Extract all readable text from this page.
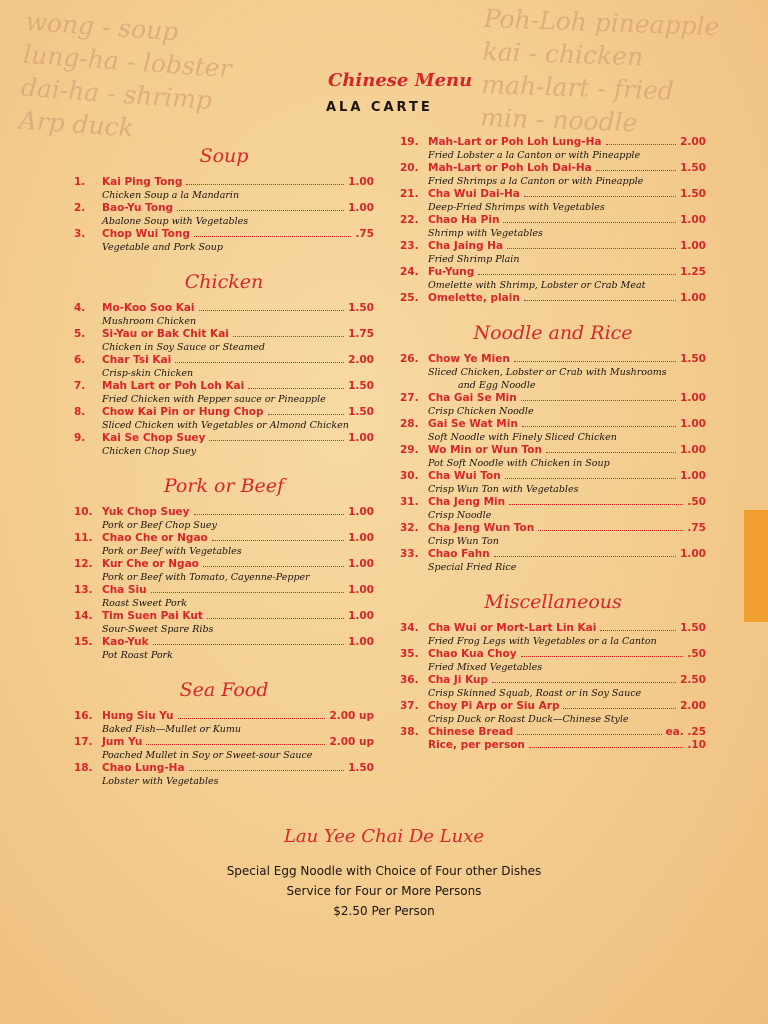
wong - soup
lung-ha - lobster
dai-ha - shrimp
Arp duck
Poh-Loh pineapple
kai - chicken
mah-lart - fried
min - noodle
Chinese Menu
ALA CARTE
Soup
1.	Kai Ping Tong	1.00
Chicken Soup a la Mandarin
2.	Bao-Yu Tong	1.00
Abalone Soup with Vegetables
3.	Chop Wui Tong	.75
Vegetable and Pork Soup
Chicken
4.	Mo-Koo Soo Kai	1.50
Mushroom Chicken
5.	Si-Yau or Bak Chit Kai	1.75
Chicken in Soy Sauce or Steamed
6.	Char Tsi Kai	2.00
Crisp-skin Chicken
7.	Mah Lart or Poh Loh Kai	1.50
Fried Chicken with Pepper sauce or Pineapple
8.	Chow Kai Pin or Hung Chop	1.50
Sliced Chicken with Vegetables or Almond Chicken
9.	Kai Se Chop Suey	1.00
Chicken Chop Suey
Pork or Beef
10. Yuk Chop Suey	1.00
Pork or Beef Chop Suey
11. Chao Che or Ngao	1.00
Pork or Beef with Vegetables
12. Kur Che or Ngao	1.00
Pork or Beef with Tomato, Cayenne-Pepper
13. Cha Siu	1.00
Roast Sweet Pork
14. Tim Suen Pai Kut	1.00
Sour-Sweet Spare Ribs
15. Kao-Yuk	1.00
Pot Roast Pork
Sea Food
16. Hung Siu Yu	2.00 up
Baked Fish—Mullet or Kumu
17. Jum Yu	2.00 up
Poached Mullet in Soy or Sweet-sour Sauce
18. Chao Lung-Ha	1.50
Lobster with Vegetables
19. Mah-Lart or Poh Loh Lung-Ha	2.00
Fried Lobster a la Canton or with Pineapple
20. Mah-Lart or Poh Loh Dai-Ha	1.50
Fried Shrimps a la Canton or with Pineapple
21. Cha Wui Dai-Ha	1.50
Deep-Fried Shrimps with Vegetables
22. Chao Ha Pin	1.00
Shrimp with Vegetables
23. Cha Jaing Ha	1.00
Fried Shrimp Plain
24. Fu-Yung	1.25
Omelette with Shrimp, Lobster or Crab Meat
25. Omelette, plain	1.00
Noodle and Rice
26. Chow Ye Mien	1.50
Sliced Chicken, Lobster or Crab with Mushrooms
and Egg Noodle
27. Cha Gai Se Min	1.00
Crisp Chicken Noodle
28. Gai Se Wat Min	1.00
Soft Noodle with Finely Sliced Chicken
29. Wo Min or Wun Ton	1.00
Pot Soft Noodle with Chicken in Soup
30. Cha Wui Ton	1.00
Crisp Wun Ton with Vegetables
31. Cha Jeng Min	.50
Crisp Noodle
32. Cha Jeng Wun Ton	.75
Crisp Wun Ton
33. Chao Fahn	1.00
Special Fried Rice
Miscellaneous
34. Cha Wui or Mort-Lart Lin Kai	1.50
Fried Frog Legs with Vegetables or a la Canton
35. Chao Kua Choy	.50
Fried Mixed Vegetables
36. Cha Ji Kup	2.50
Crisp Skinned Squab, Roast or in Soy Sauce
37. Choy Pi Arp or Siu Arp	2.00
Crisp Duck or Roast Duck—Chinese Style
38. Chinese Bread	ea. .25
Rice, per person	.10
Lau Yee Chai De Luxe
Special Egg Noodle with Choice of Four other Dishes
Service for Four or More Persons
$2.50 Per Person
